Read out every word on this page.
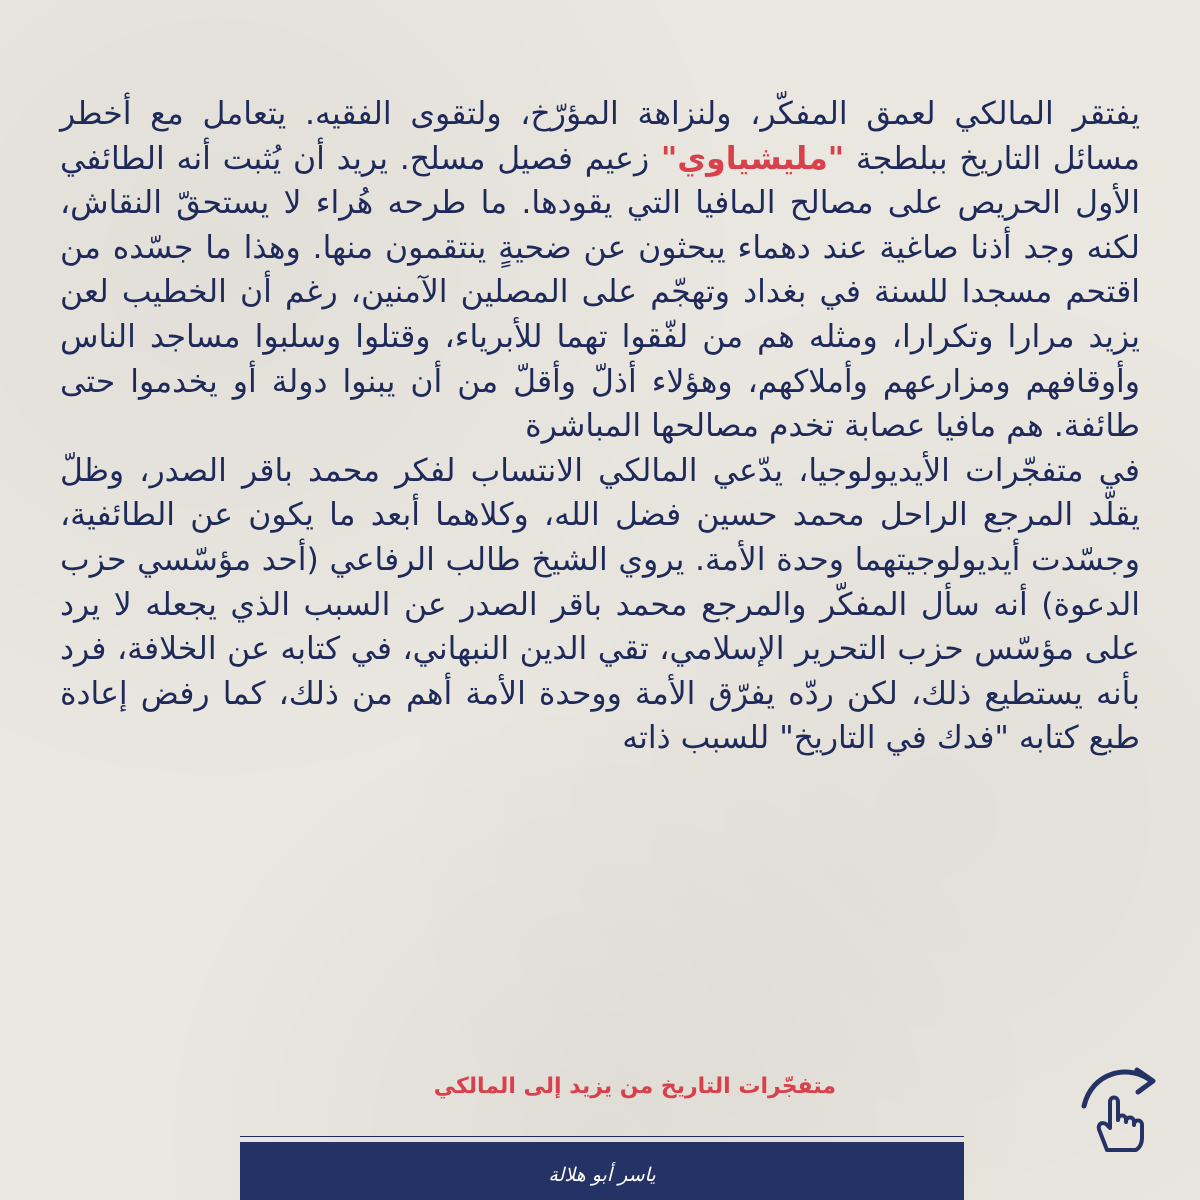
يفتقر المالكي لعمق المفكّر، ولنزاهة المؤرّخ، ولتقوى الفقيه. يتعامل مع أخطر مسائل التاريخ ببلطجة "مليشياوي" زعيم فصيل مسلح. يريد أن يُثبت أنه الطائفي الأول الحريص على مصالح المافيا التي يقودها. ما طرحه هُراء لا يستحقّ النقاش، لكنه وجد أذنا صاغية عند دهماء يبحثون عن ضحيةٍ ينتقمون منها. وهذا ما جسّده من اقتحم مسجدا للسنة في بغداد وتهجّم على المصلين الآمنين، رغم أن الخطيب لعن يزيد مرارا وتكرارا، ومثله هم من لفّقوا تهما للأبرياء، وقتلوا وسلبوا مساجد الناس وأوقافهم ومزارعهم وأملاكهم، وهؤلاء أذلّ وأقلّ من أن يبنوا دولة أو يخدموا حتى طائفة. هم مافيا عصابة تخدم مصالحها المباشرة

في متفجّرات الأيديولوجيا، يدّعي المالكي الانتساب لفكر محمد باقر الصدر، وظلّ يقلّد المرجع الراحل محمد حسين فضل الله، وكلاهما أبعد ما يكون عن الطائفية، وجسّدت أيديولوجيتهما وحدة الأمة. يروي الشيخ طالب الرفاعي (أحد مؤسّسي حزب الدعوة) أنه سأل المفكّر والمرجع محمد باقر الصدر عن السبب الذي يجعله لا يرد على مؤسّس حزب التحرير الإسلامي، تقي الدين النبهاني، في كتابه عن الخلافة، فرد بأنه يستطيع ذلك، لكن ردّه يفرّق الأمة ووحدة الأمة أهم من ذلك، كما رفض إعادة طبع كتابه "فدك في التاريخ" للسبب ذاته

متفجّرات التاريخ من يزيد إلى المالكي
ياسر أبو هلالة
